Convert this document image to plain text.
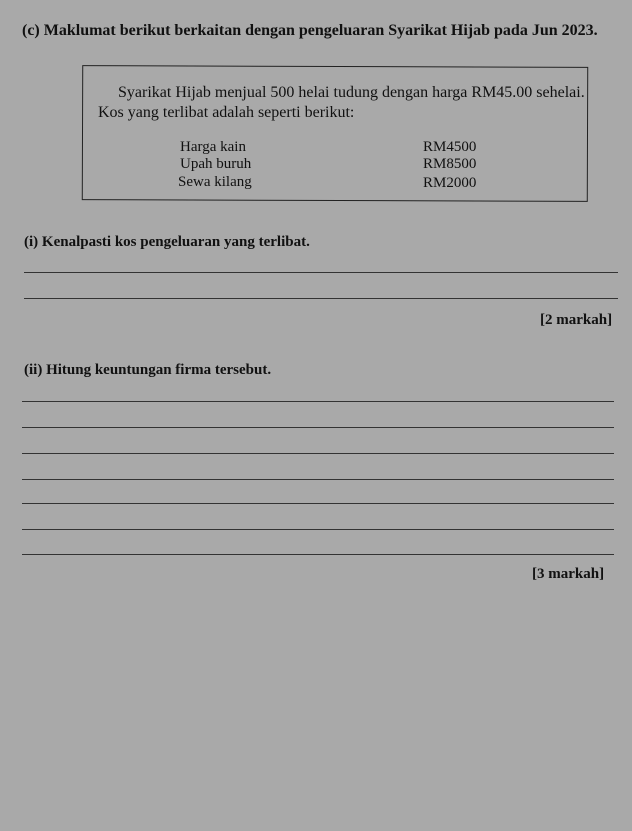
(c) Maklumat berikut berkaitan dengan pengeluaran Syarikat Hijab pada Jun 2023.
Syarikat Hijab menjual 500 helai tudung dengan harga RM45.00 sehelai.
Kos yang terlibat adalah seperti berikut:
Harga kain	RM4500
Upah buruh	RM8500
Sewa kilang	RM2000
(i) Kenalpasti kos pengeluaran yang terlibat.
[2 markah]
(ii) Hitung keuntungan firma tersebut.
[3 markah]
